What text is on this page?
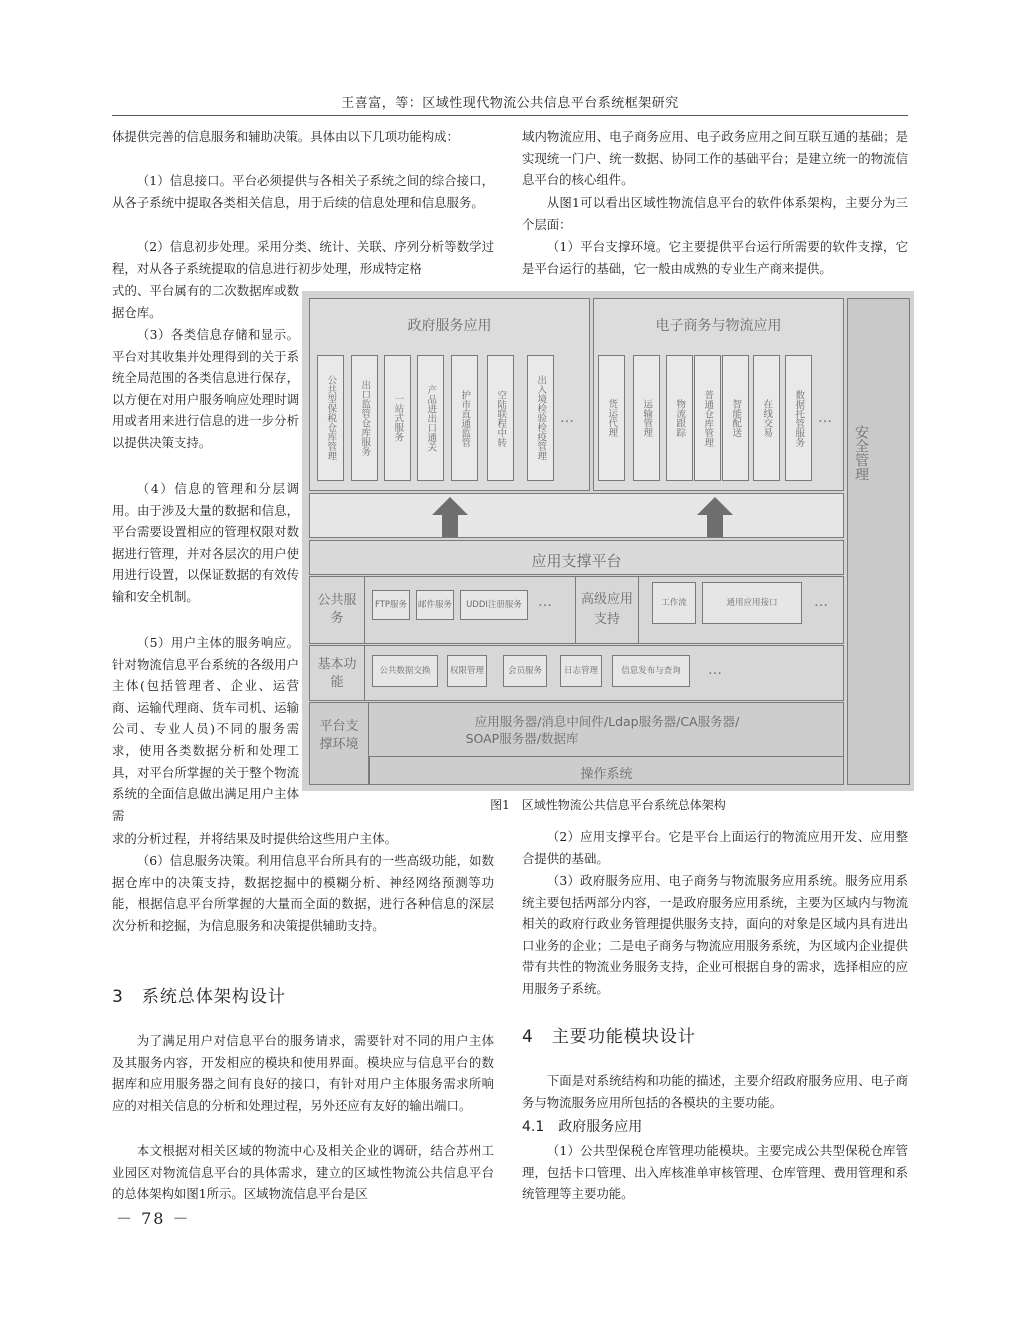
王喜富，等：区域性现代物流公共信息平台系统框架研究

体提供完善的信息服务和辅助决策。具体由以下几项功能构成：

（1）信息接口。平台必须提供与各相关子系统之间的综合接口，从各子系统中提取各类相关信息，用于后续的信息处理和信息服务。

（2）信息初步处理。采用分类、统计、关联、序列分析等数学过程，对从各子系统提取的信息进行初步处理，形成特定格

式的、平台属有的二次数据库或数据仓库。

（3）各类信息存储和显示。平台对其收集并处理得到的关于系统全局范围的各类信息进行保存，以方便在对用户服务响应处理时调用或者用来进行信息的进一步分析以提供决策支持。

（4）信息的管理和分层调用。由于涉及大量的数据和信息，平台需要设置相应的管理权限对数据进行管理，并对各层次的用户使用进行设置，以保证数据的有效传输和安全机制。

（5）用户主体的服务响应。针对物流信息平台系统的各级用户主体(包括管理者、企业、运营商、运输代理商、货车司机、运输公司、专业人员)不同的服务需求，使用各类数据分析和处理工具，对平台所掌握的关于整个物流系统的全面信息做出满足用户主体需

求的分析过程，并将结果及时提供给这些用户主体。

（6）信息服务决策。利用信息平台所具有的一些高级功能，如数据仓库中的决策支持，数据挖掘中的模糊分析、神经网络预测等功能，根据信息平台所掌握的大量而全面的数据，进行各种信息的深层次分析和挖掘，为信息服务和决策提供辅助支持。

3　系统总体架构设计

为了满足用户对信息平台的服务请求，需要针对不同的用户主体及其服务内容，开发相应的模块和使用界面。模块应与信息平台的数据库和应用服务器之间有良好的接口，有针对用户主体服务需求所响应的对相关信息的分析和处理过程，另外还应有友好的输出端口。

本文根据对相关区域的物流中心及相关企业的调研，结合苏州工业园区对物流信息平台的具体需求，建立的区域性物流公共信息平台的总体架构如图1所示。区域物流信息平台是区

－ 78 －

域内物流应用、电子商务应用、电子政务应用之间互联互通的基础；是实现统一门户、统一数据、协同工作的基础平台；是建立统一的物流信息平台的核心组件。

从图1可以看出区域性物流信息平台的软件体系架构，主要分为三个层面：

（1）平台支撑环境。它主要提供平台运行所需要的软件支撑，它是平台运行的基础，它一般由成熟的专业生产商来提供。

（2）应用支撑平台。它是平台上面运行的物流应用开发、应用整合提供的基础。

（3）政府服务应用、电子商务与物流服务应用系统。服务应用系统主要包括两部分内容，一是政府服务应用系统，主要为区域内与物流相关的政府行政业务管理提供服务支持，面向的对象是区域内具有进出口业务的企业；二是电子商务与物流应用服务系统，为区域内企业提供带有共性的物流业务服务支持，企业可根据自身的需求，选择相应的应用服务子系统。

4　主要功能模块设计

下面是对系统结构和功能的描述，主要介绍政府服务应用、电子商务与物流服务应用所包括的各模块的主要功能。

4.1　政府服务应用

（1）公共型保税仓库管理功能模块。主要完成公共型保税仓库管理，包括卡口管理、出入库核准单审核管理、仓库管理、费用管理和系统管理等主要功能。

政府服务应用	电子商务与物流应用
公共型保税仓库管理	出口监管仓库服务	一站式服务	产品进出口通关	护市直通监管	空陆联程中转	出入境检验检疫管理 …	货运代理	运输管理	物流跟踪	普通仓库管理	智能配送	在线交易	数据托管服务 …
安全管理
应用支撑平台
公共服务
FTP服务	邮件服务	UDDI注册服务	… 高级应用支持
工作流	通用应用接口	…
基本功能
公共数据交换	权限管理	会员服务	日志管理	信息发布与查询	…
平台支撑环境
应用服务器/消息中间件/Ldap服务器/CA服务器/
SOAP服务器/数据库
操作系统
图1　区域性物流公共信息平台系统总体架构
